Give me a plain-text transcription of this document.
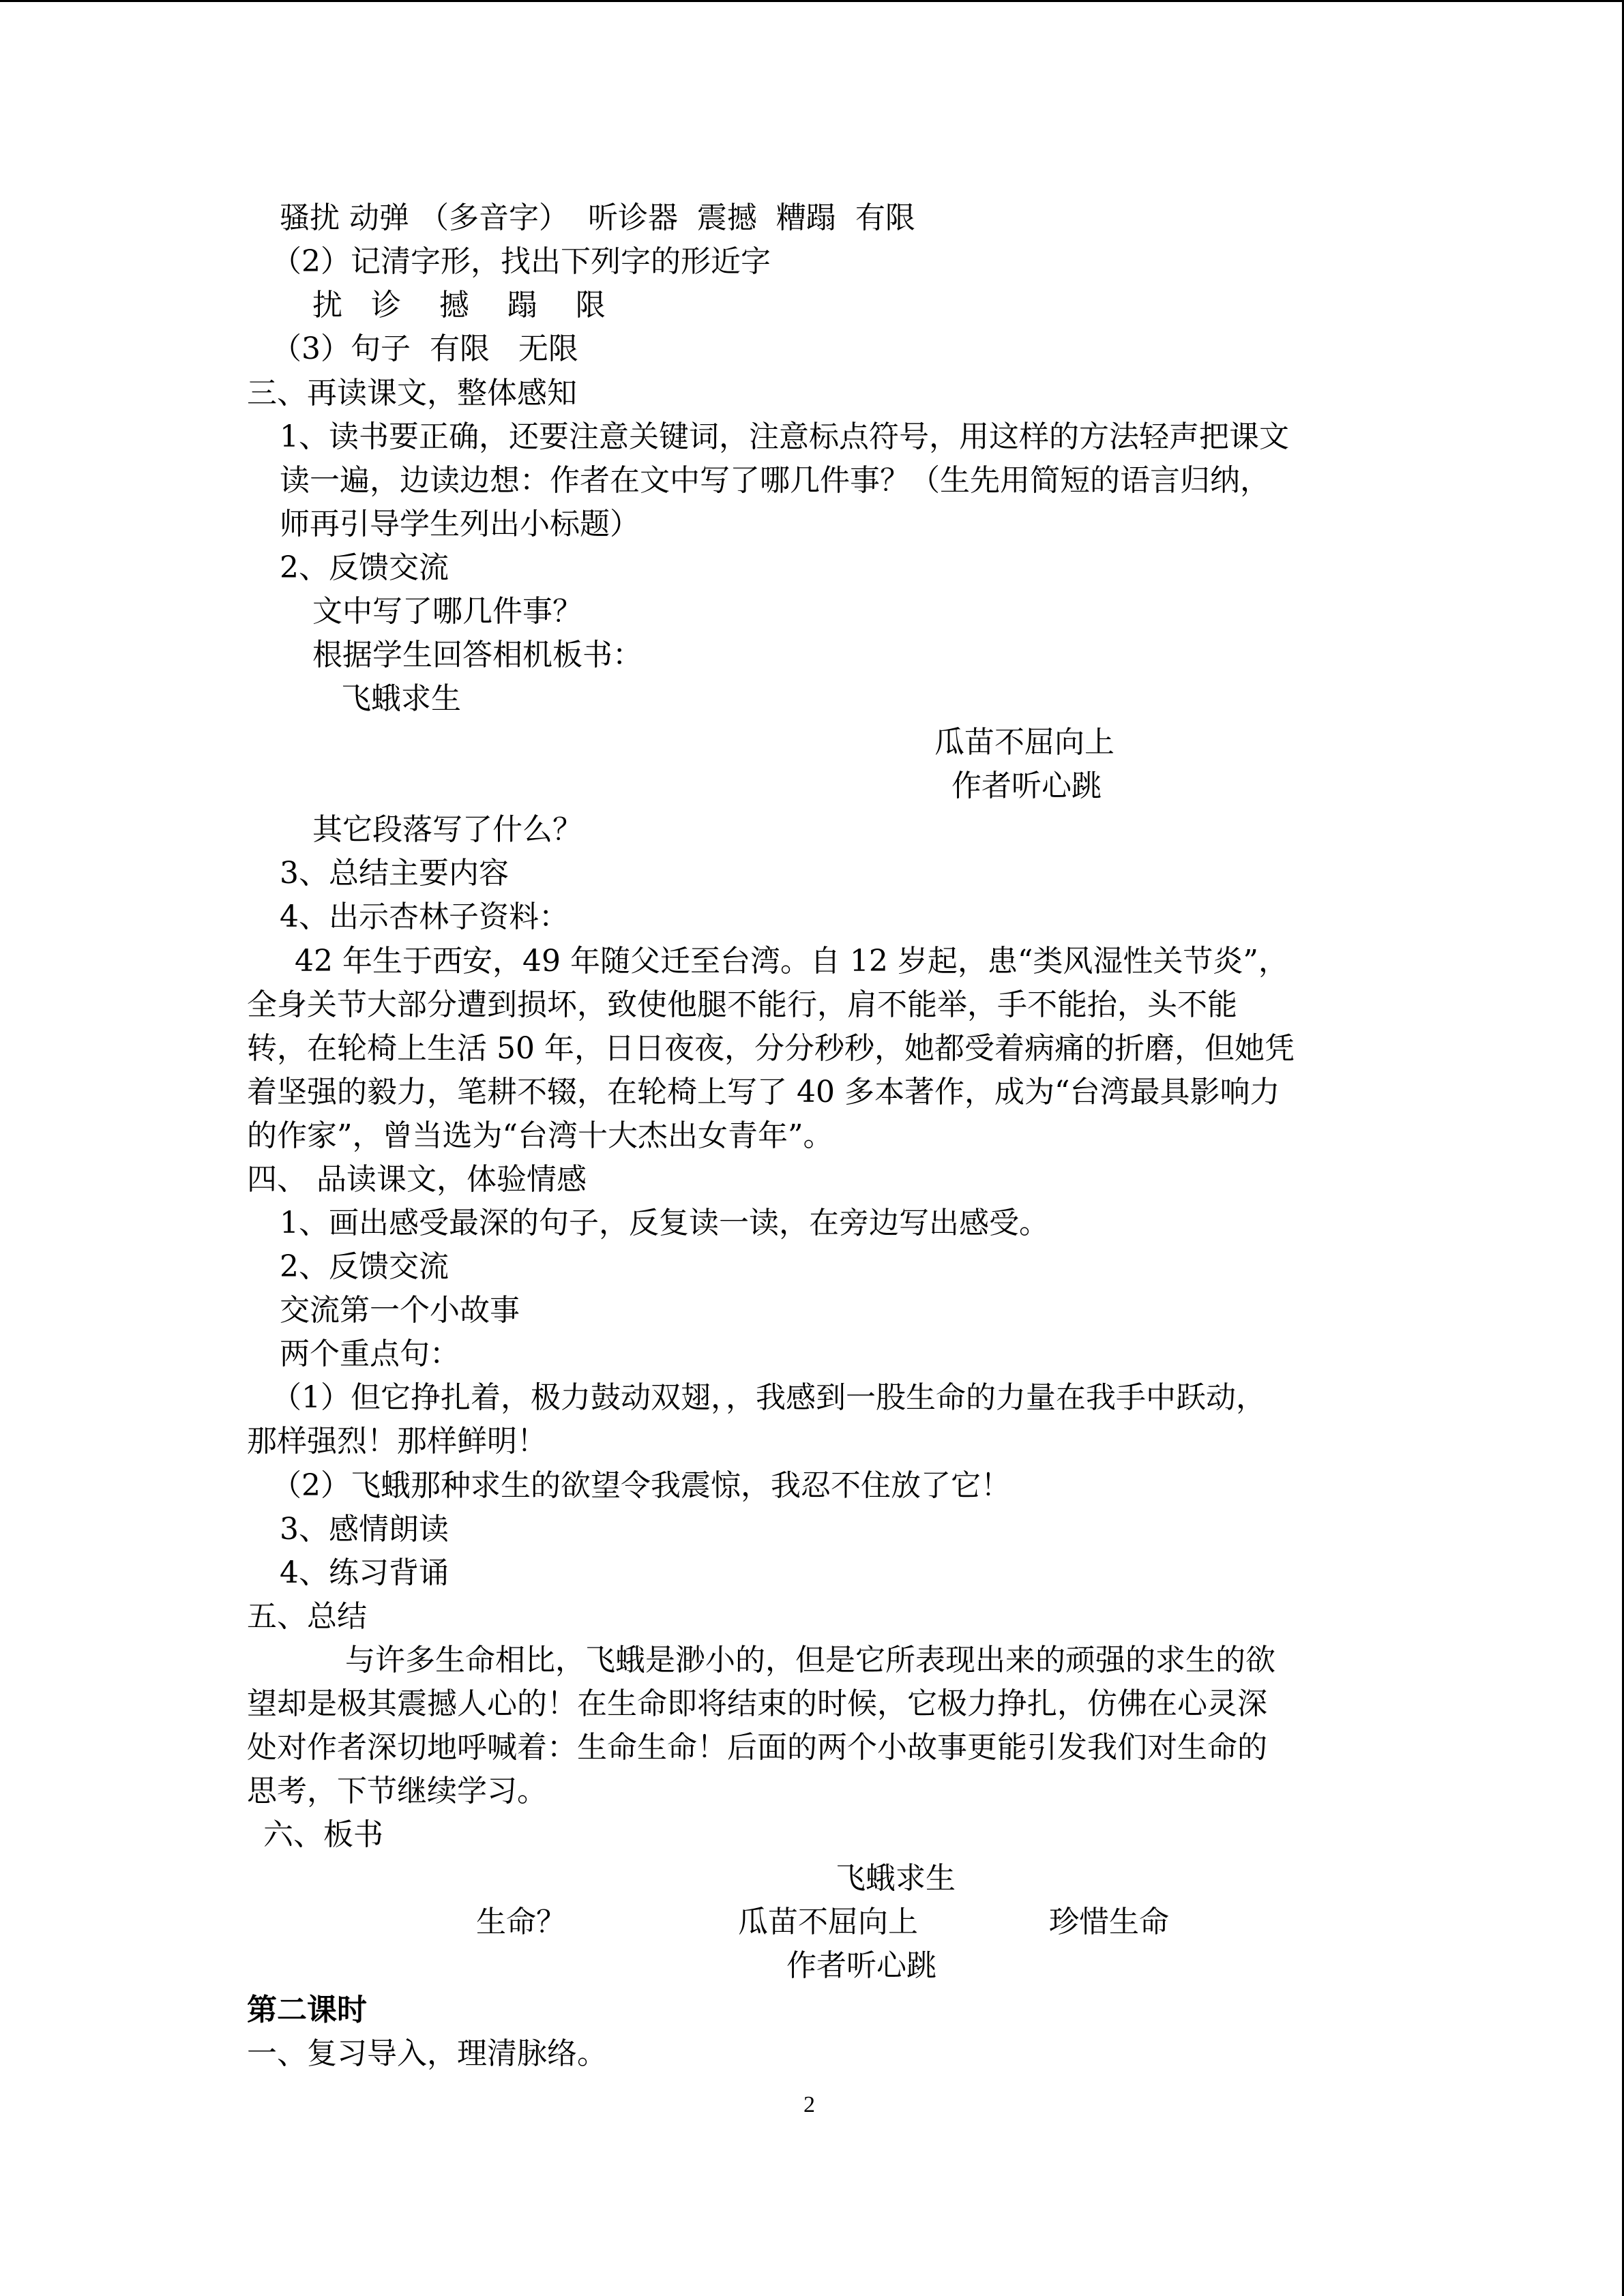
骚扰 动弹 （多音字）  听诊器  震撼  糟蹋  有限
（2）记清字形，找出下列字的形近字
扰   诊    撼    蹋    限
（3）句子  有限   无限
三、再读课文，整体感知
1、读书要正确，还要注意关键词，注意标点符号，用这样的方法轻声把课文
读一遍，边读边想：作者在文中写了哪几件事？（生先用简短的语言归纳，
师再引导学生列出小标题）
2、反馈交流
文中写了哪几件事？
根据学生回答相机板书：
飞蛾求生
瓜苗不屈向上
作者听心跳
其它段落写了什么？
3、总结主要内容
4、出示杏林子资料：
42 年生于西安，49 年随父迁至台湾。自 12 岁起，患“类风湿性关节炎”，
全身关节大部分遭到损坏，致使他腿不能行，肩不能举，手不能抬，头不能
转，在轮椅上生活 50 年，日日夜夜，分分秒秒，她都受着病痛的折磨，但她凭
着坚强的毅力，笔耕不辍，在轮椅上写了 40 多本著作，成为“台湾最具影响力
的作家”，曾当选为“台湾十大杰出女青年”。
四、 品读课文，体验情感
1、画出感受最深的句子，反复读一读，在旁边写出感受。
2、反馈交流
交流第一个小故事
两个重点句：
（1）但它挣扎着，极力鼓动双翅，，我感到一股生命的力量在我手中跃动，
那样强烈！那样鲜明！
（2）飞蛾那种求生的欲望令我震惊，我忍不住放了它！
3、感情朗读
4、练习背诵
五、总结
与许多生命相比，飞蛾是渺小的，但是它所表现出来的顽强的求生的欲
望却是极其震撼人心的！在生命即将结束的时候，它极力挣扎，仿佛在心灵深
处对作者深切地呼喊着：生命生命！后面的两个小故事更能引发我们对生命的
思考，下节继续学习。
六、板书
飞蛾求生
生命？	瓜苗不屈向上	珍惜生命
作者听心跳
第二课时
一、复习导入，理清脉络。
2
